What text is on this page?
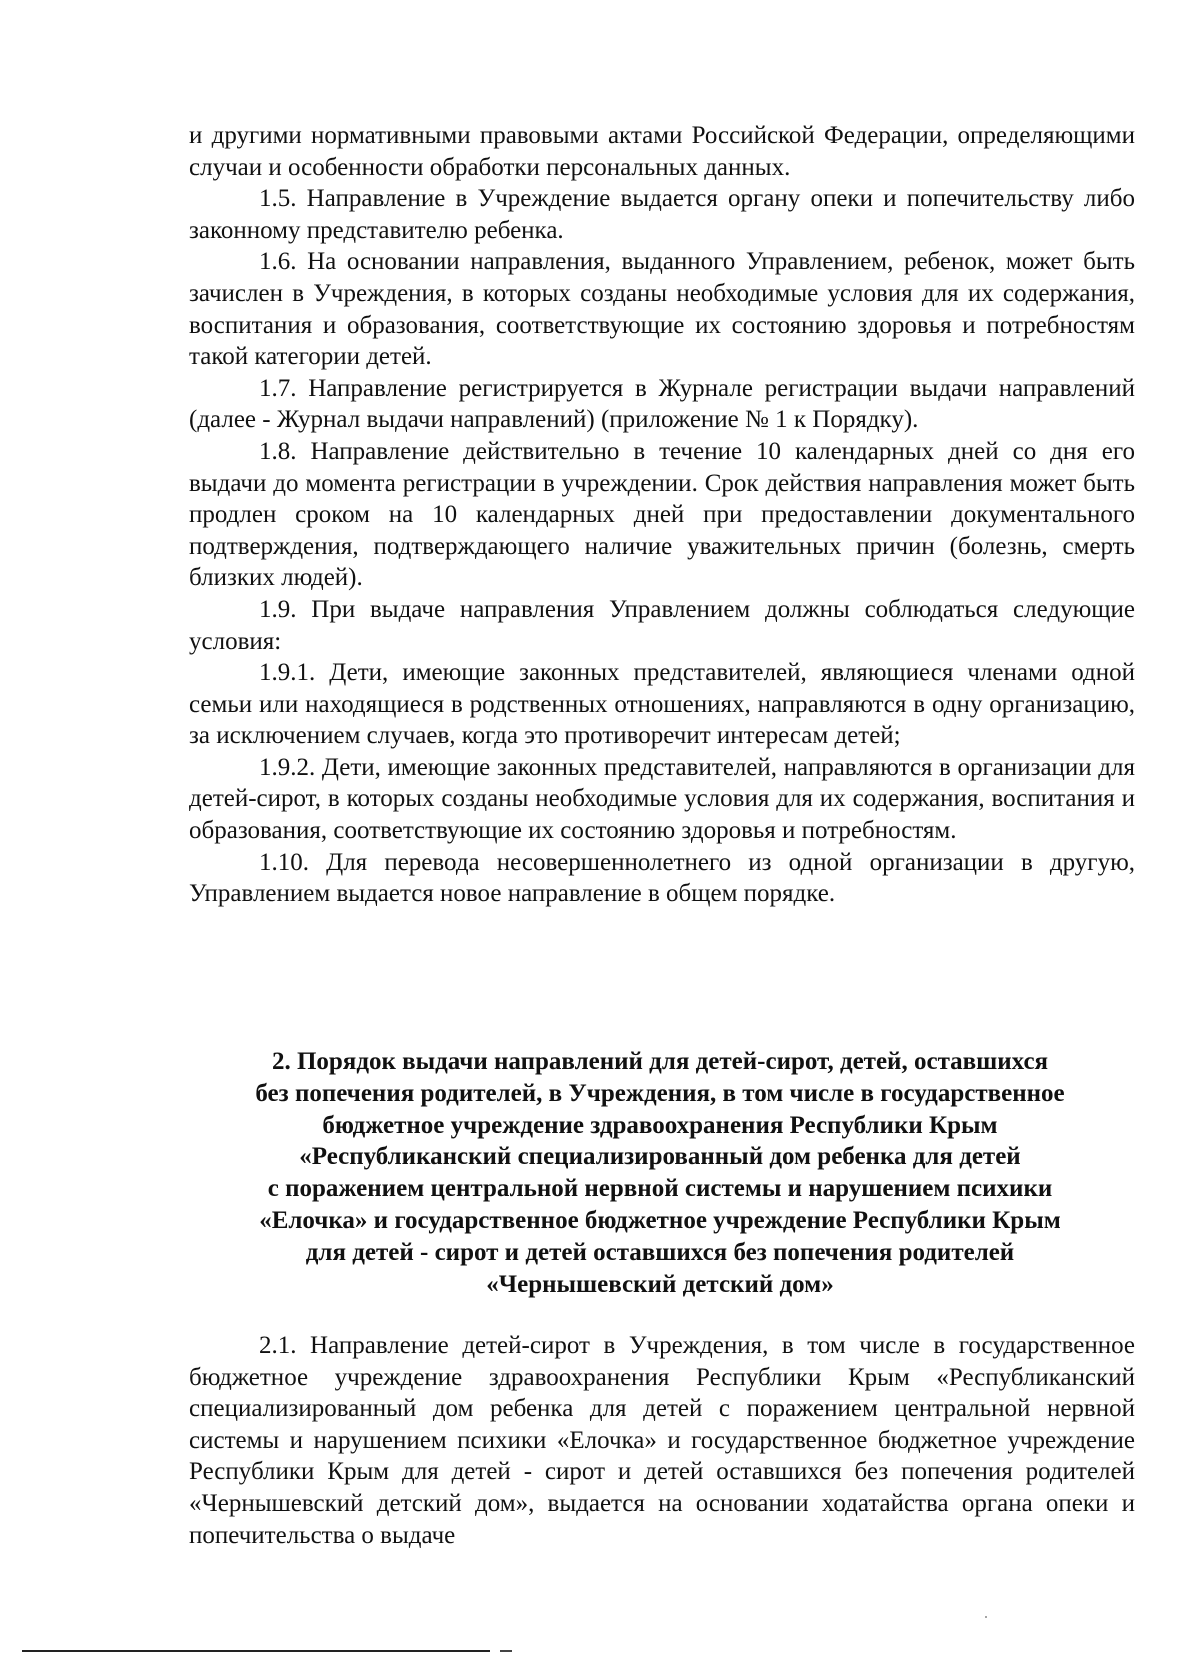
и другими нормативными правовыми актами Российской Федерации, определяющими случаи и особенности обработки персональных данных.

1.5. Направление в Учреждение выдается органу опеки и попечительству либо законному представителю ребенка.

1.6. На основании направления, выданного Управлением, ребенок, может быть зачислен в Учреждения, в которых созданы необходимые условия для их содержания, воспитания и образования, соответствующие их состоянию здоровья и потребностям такой категории детей.

1.7. Направление регистрируется в Журнале регистрации выдачи направлений (далее - Журнал выдачи направлений) (приложение № 1 к Порядку).

1.8. Направление действительно в течение 10 календарных дней со дня его выдачи до момента регистрации в учреждении. Срок действия направления может быть продлен сроком на 10 календарных дней при предоставлении документального подтверждения, подтверждающего наличие уважительных причин (болезнь, смерть близких людей).

1.9. При выдаче направления Управлением должны соблюдаться следующие условия:

1.9.1. Дети, имеющие законных представителей, являющиеся членами одной семьи или находящиеся в родственных отношениях, направляются в одну организацию, за исключением случаев, когда это противоречит интересам детей;

1.9.2. Дети, имеющие законных представителей, направляются в организации для детей-сирот, в которых созданы необходимые условия для их содержания, воспитания и образования, соответствующие их состоянию здоровья и потребностям.

1.10. Для перевода несовершеннолетнего из одной организации в другую, Управлением выдается новое направление в общем порядке.

2. Порядок выдачи направлений для детей-сирот, детей, оставшихся
без попечения родителей, в Учреждения, в том числе в государственное
бюджетное учреждение здравоохранения Республики Крым
«Республиканский специализированный дом ребенка для детей
с поражением центральной нервной системы и нарушением психики
«Елочка» и государственное бюджетное учреждение Республики Крым
для детей - сирот и детей оставшихся без попечения родителей
«Чернышевский детский дом»

2.1. Направление детей-сирот в Учреждения, в том числе в государственное бюджетное учреждение здравоохранения Республики Крым «Республиканский специализированный дом ребенка для детей с поражением центральной нервной системы и нарушением психики «Елочка» и государственное бюджетное учреждение Республики Крым для детей - сирот и детей оставшихся без попечения родителей «Чернышевский детский дом», выдается на основании ходатайства органа опеки и попечительства о выдаче
